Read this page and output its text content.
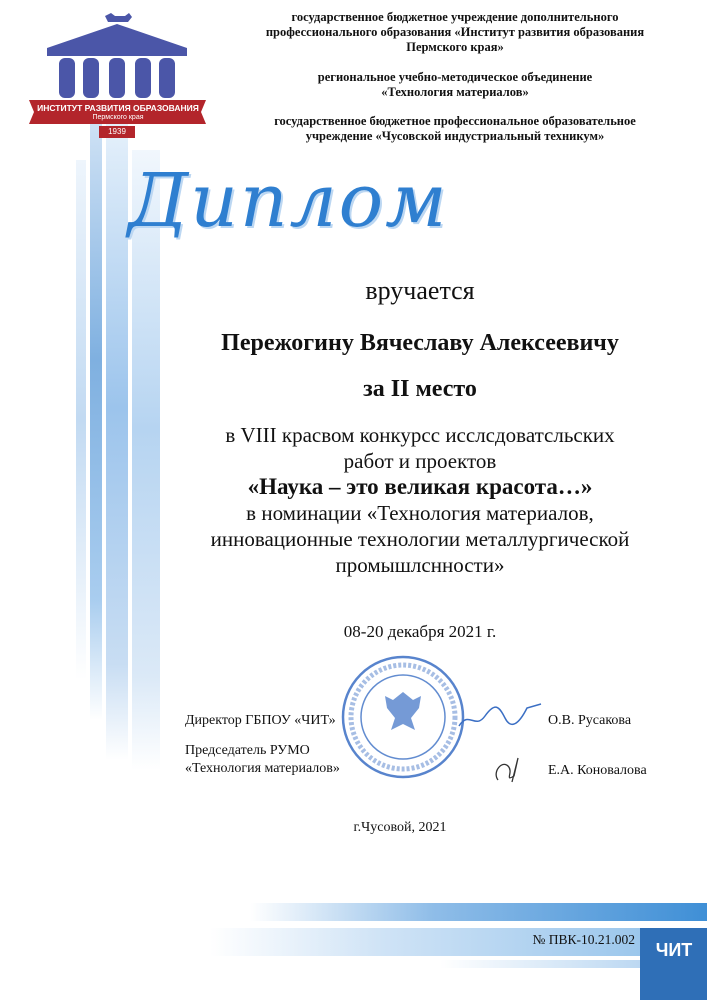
ИНСТИТУТ РАЗВИТИЯ ОБРАЗОВАНИЯ
Пермского края
1939
государственное бюджетное учреждение дополнительного
профессионального образования «Институт развития образования
Пермского края»
региональное учебно-методическое объединение
«Технология материалов»
государственное бюджетное профессиональное образовательное
учреждение «Чусовской индустриальный техникум»
Диплом
вручается
Пережогину Вячеславу Алексеевичу
за II место
в VIII красвом конкурсс исслсдоватсльских
работ и проектов
«Наука – это великая красота…»
в номинации «Технология материалов,
инновационные технологии металлургической
промышлснности»
08-20 декабря 2021 г.
Директор ГБПОУ «ЧИТ»	О.В. Русакова
Председатель РУМО
«Технология материалов»	Е.А. Коновалова
г.Чусовой, 2021
№ ПВК-10.21.002
ЧИТ
